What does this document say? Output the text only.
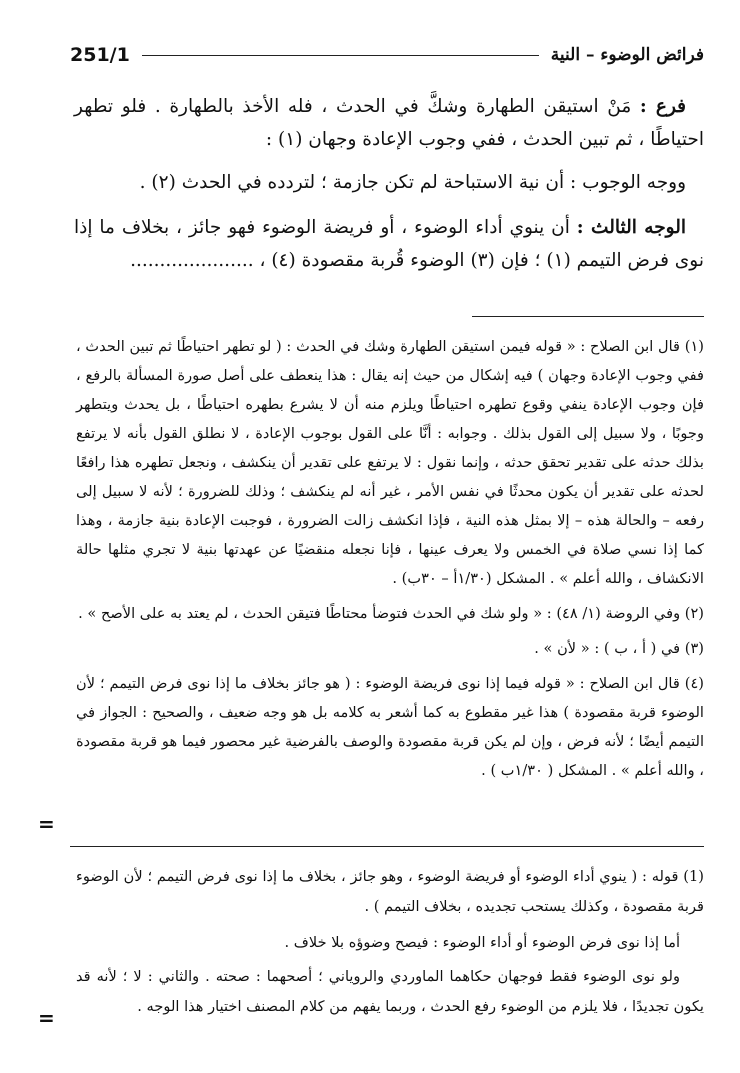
251/1	فرائض الوضوء – النية

فرع : مَنْ استيقن الطهارة وشكَّ في الحدث ، فله الأخذ بالطهارة . فلو تطهر احتياطًا ، ثم تبين الحدث ، ففي وجوب الإعادة وجهان (١) :

ووجه الوجوب : أن نية الاستباحة لم تكن جازمة ؛ لتردده في الحدث (٢) .

الوجه الثالث : أن ينوي أداء الوضوء ، أو فريضة الوضوء فهو جائز ، بخلاف ما إذا نوى فرض التيمم (١) ؛ فإن (٣) الوضوء قُربة مقصودة (٤) ، .....................

(١) قال ابن الصلاح : « قوله فيمن استيقن الطهارة وشك في الحدث : ( لو تطهر احتياطًا ثم تبين الحدث ، ففي وجوب الإعادة وجهان ) فيه إشكال من حيث إنه يقال : هذا ينعطف على أصل صورة المسألة بالرفع ، فإن وجوب الإعادة ينفي وقوع تطهره احتياطًا ويلزم منه أن لا يشرع بطهره احتياطًا ، بل يحدث ويتطهر وجوبًا ، ولا سبيل إلى القول بذلك . وجوابه : أنَّا على القول بوجوب الإعادة ، لا نطلق القول بأنه لا يرتفع بذلك حدثه على تقدير تحقق حدثه ، وإنما نقول : لا يرتفع على تقدير أن ينكشف ، ونجعل تطهره هذا رافعًا لحدثه على تقدير أن يكون محدثًا في نفس الأمر ، غير أنه لم ينكشف ؛ وذلك للضرورة ؛ لأنه لا سبيل إلى رفعه – والحالة هذه – إلا بمثل هذه النية ، فإذا انكشف زالت الضرورة ، فوجبت الإعادة بنية جازمة ، وهذا كما إذا نسي صلاة في الخمس ولا يعرف عينها ، فإنا نجعله منقضيًا عن عهدتها بنية لا تجري مثلها حالة الانكشاف ، والله أعلم » . المشكل (١/٣٠أ – ٣٠ب) .

(٢) وفي الروضة (١/ ٤٨) : « ولو شك في الحدث فتوضأ محتاطًا فتيقن الحدث ، لم يعتد به على الأصح » .

(٣) في ( أ ، ب ) : « لأن » .

(٤) قال ابن الصلاح : « قوله فيما إذا نوى فريضة الوضوء : ( هو جائز بخلاف ما إذا نوى فرض التيمم ؛ لأن الوضوء قربة مقصودة ) هذا غير مقطوع به كما أشعر به كلامه بل هو وجه ضعيف ، والصحيح : الجواز في التيمم أيضًا ؛ لأنه فرض ، وإن لم يكن قربة مقصودة والوصف بالفرضية غير محصور فيما هو قربة مقصودة ، والله أعلم » . المشكل ( ١/٣٠ب ) .

=

(1) قوله : ( ينوي أداء الوضوء أو فريضة الوضوء ، وهو جائز ، بخلاف ما إذا نوى فرض التيمم ؛ لأن الوضوء قربة مقصودة ، وكذلك يستحب تجديده ، بخلاف التيمم ) .

أما إذا نوى فرض الوضوء أو أداء الوضوء : فيصح وضوؤه بلا خلاف .

ولو نوى الوضوء فقط فوجهان حكاهما الماوردي والروياني ؛ أصحهما : صحته . والثاني : لا ؛ لأنه قد يكون تجديدًا ، فلا يلزم من الوضوء رفع الحدث ، وربما يفهم من كلام المصنف اختيار هذا الوجه .

=
